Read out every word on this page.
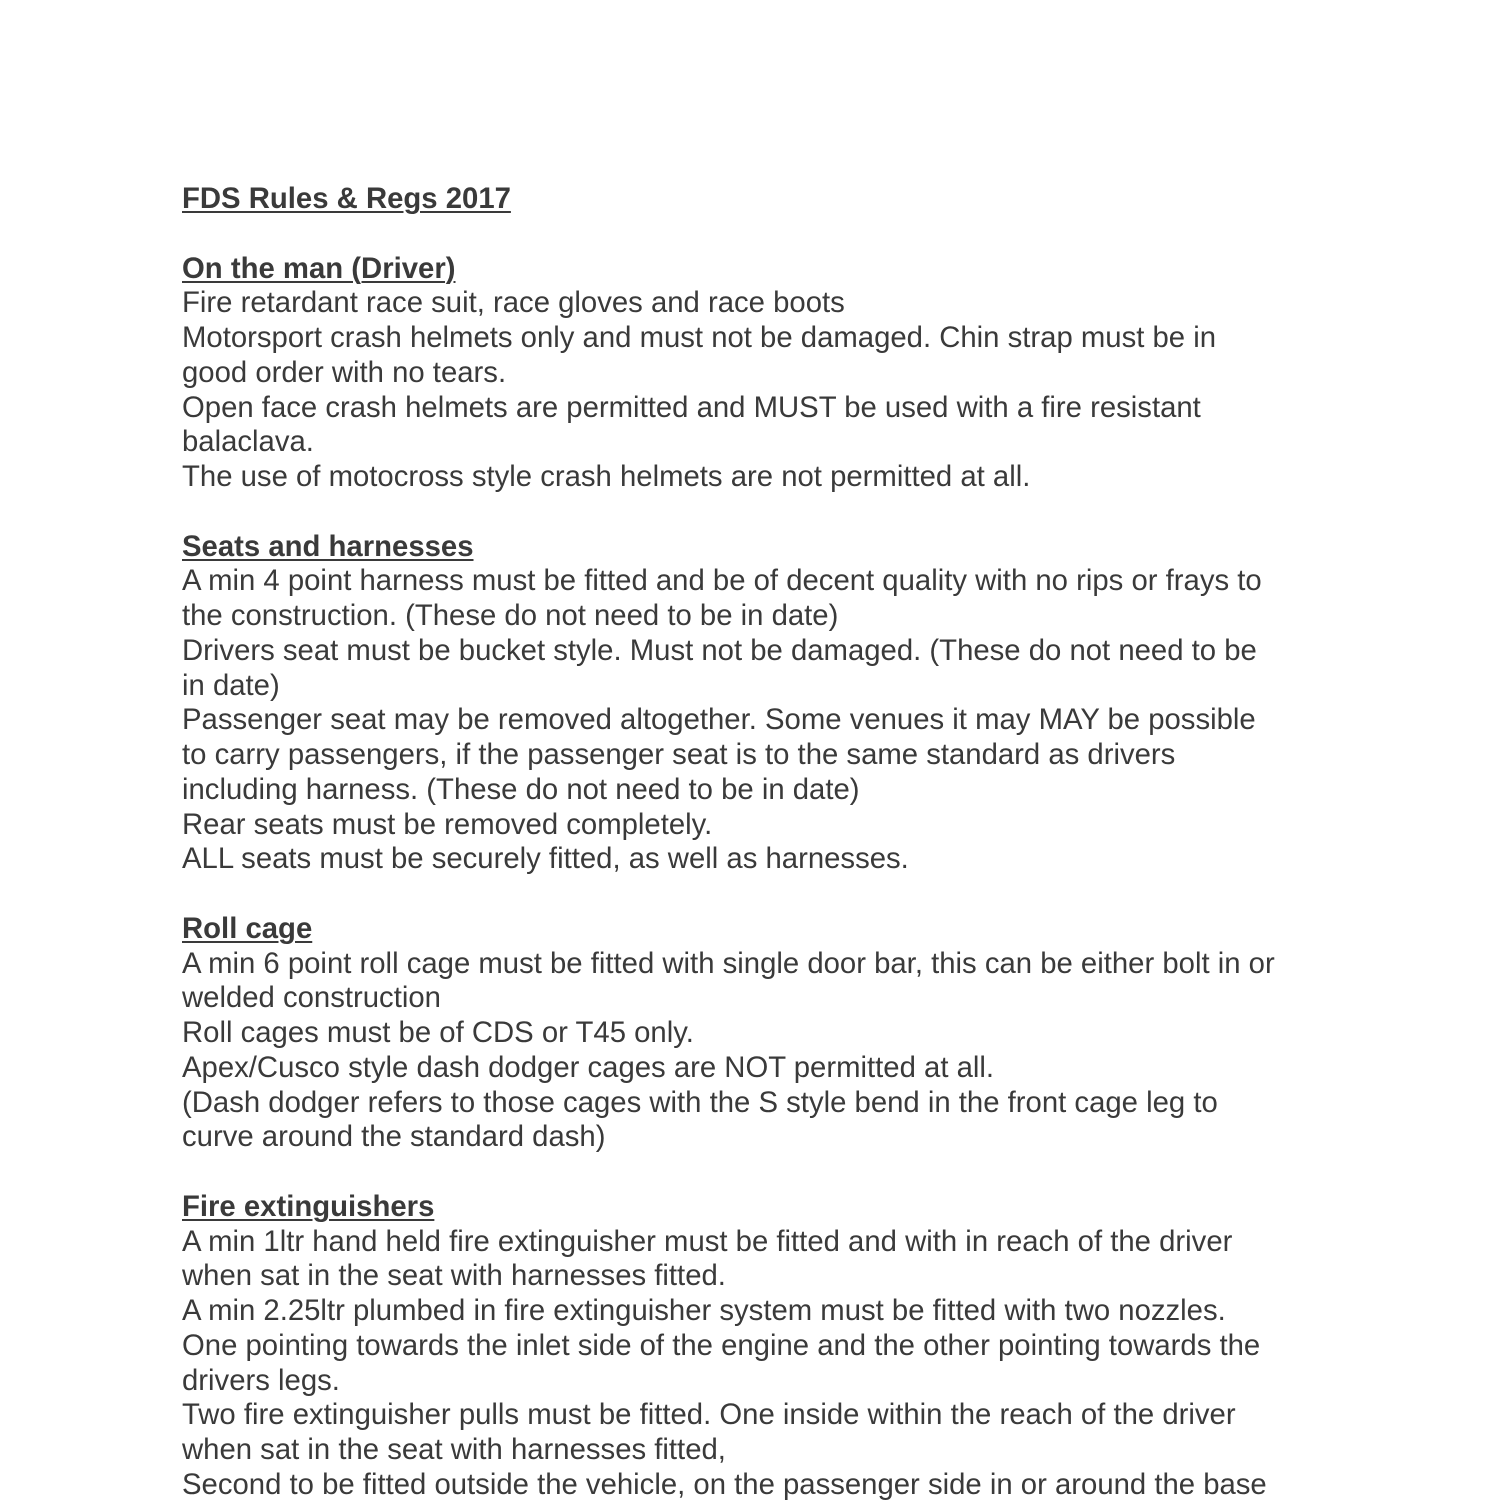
FDS Rules & Regs 2017
On the man (Driver)
Fire retardant race suit, race gloves and race boots
Motorsport crash helmets only and must not be damaged. Chin strap must be in
good order with no tears.
Open face crash helmets are permitted and MUST be used with a fire resistant
balaclava.
The use of motocross style crash helmets are not permitted at all.
Seats and harnesses
A min 4 point harness must be fitted and be of decent quality with no rips or frays to
the construction. (These do not need to be in date)
Drivers seat must be bucket style. Must not be damaged. (These do not need to be
in date)
Passenger seat may be removed altogether. Some venues it may MAY be possible
to carry passengers, if the passenger seat is to the same standard as drivers
including harness. (These do not need to be in date)
Rear seats must be removed completely.
ALL seats must be securely fitted, as well as harnesses.
Roll cage
A min 6 point roll cage must be fitted with single door bar, this can be either bolt in or
welded construction
Roll cages must be of CDS or T45 only.
Apex/Cusco style dash dodger cages are NOT permitted at all.
(Dash dodger refers to those cages with the S style bend in the front cage leg to
curve around the standard dash)
Fire extinguishers
A min 1ltr hand held fire extinguisher must be fitted and with in reach of the driver
when sat in the seat with harnesses fitted.
A min 2.25ltr plumbed in fire extinguisher system must be fitted with two nozzles.
One pointing towards the inlet side of the engine and the other pointing towards the
drivers legs.
Two fire extinguisher pulls must be fitted. One inside within the reach of the driver
when sat in the seat with harnesses fitted,
Second to be fitted outside the vehicle, on the passenger side in or around the base
